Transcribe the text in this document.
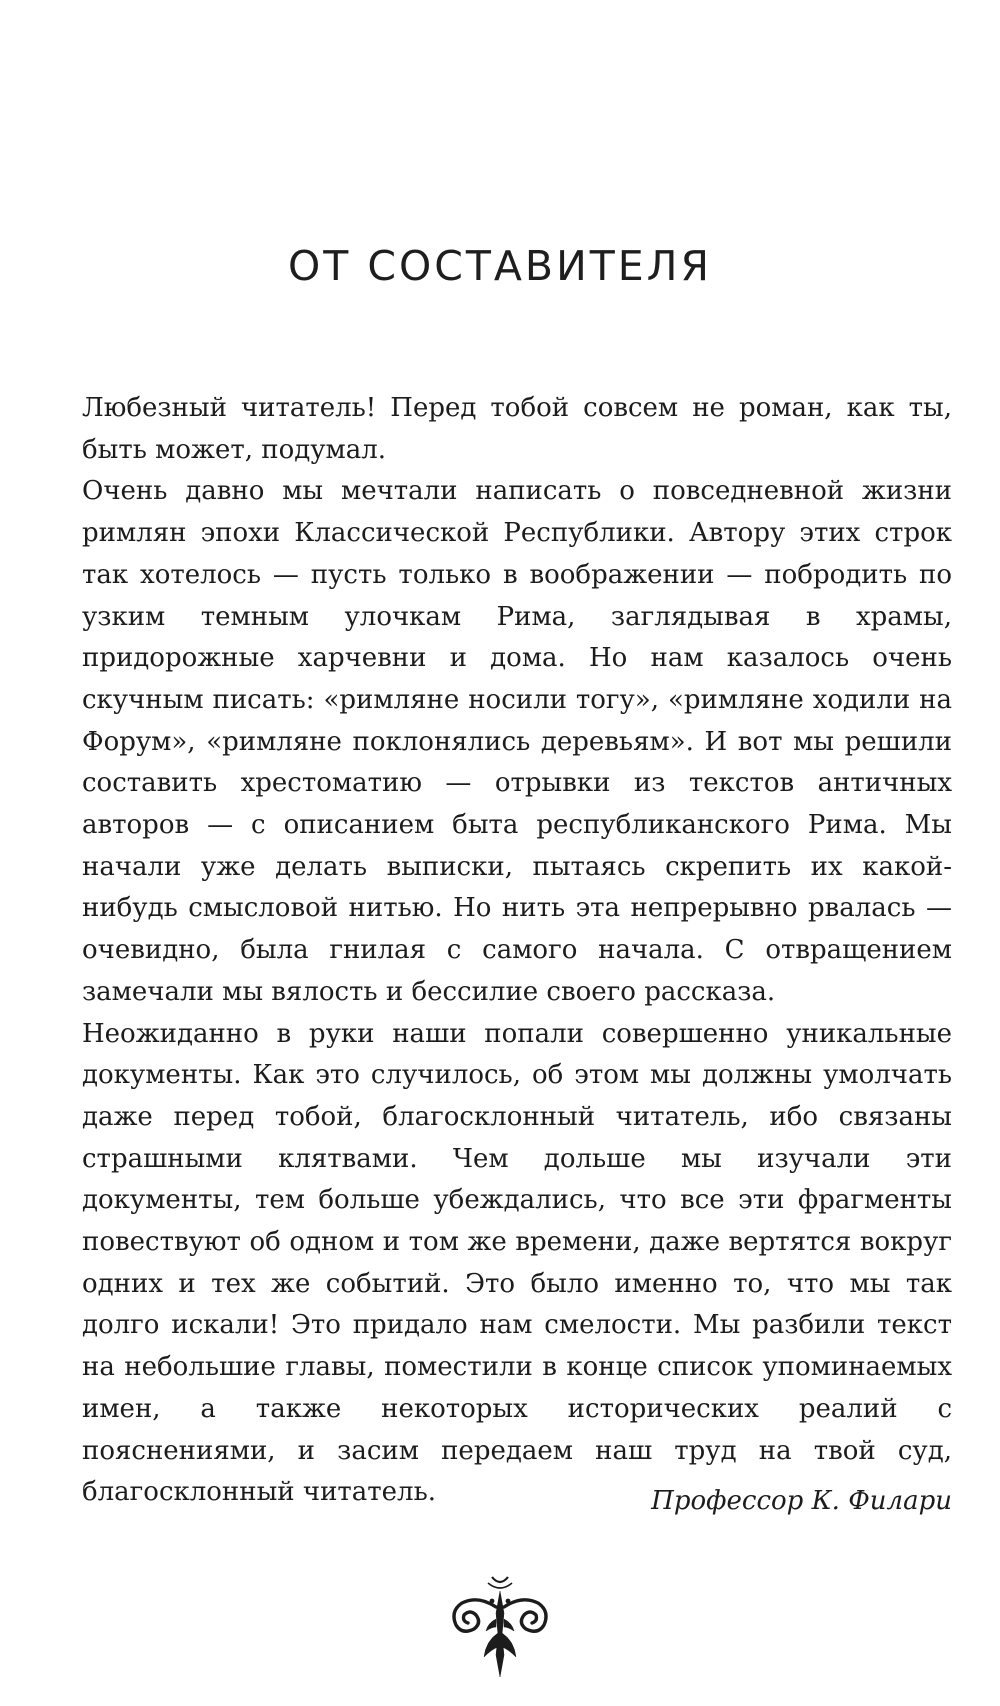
ОТ СОСТАВИТЕЛЯ

Любезный читатель! Перед тобой совсем не роман, как ты, быть может, подумал.

Очень давно мы мечтали написать о повседневной жизни римлян эпохи Классической Республики. Автору этих строк так хотелось — пусть только в воображении — побродить по узким темным улочкам Рима, заглядывая в храмы, придорожные харчевни и дома. Но нам казалось очень скучным писать: «римляне носили тогу», «римляне ходили на Форум», «римляне поклонялись деревьям». И вот мы решили составить хрестоматию — отрывки из текстов античных авторов — с описанием быта республиканского Рима. Мы начали уже делать выписки, пытаясь скрепить их какой-нибудь смысловой нитью. Но нить эта непрерывно рвалась — очевидно, была гнилая с самого начала. С отвращением замечали мы вялость и бессилие своего рассказа.

Неожиданно в руки наши попали совершенно уникальные документы. Как это случилось, об этом мы должны умолчать даже перед тобой, благосклонный читатель, ибо связаны страшными клятвами. Чем дольше мы изучали эти документы, тем больше убеждались, что все эти фрагменты повествуют об одном и том же времени, даже вертятся вокруг одних и тех же событий. Это было именно то, что мы так долго искали! Это придало нам смелости. Мы разбили текст на небольшие главы, поместили в конце список упоминаемых имен, а также некоторых исторических реалий с пояснениями, и засим передаем наш труд на твой суд, благосклонный читатель.	Профессор К. Филари
